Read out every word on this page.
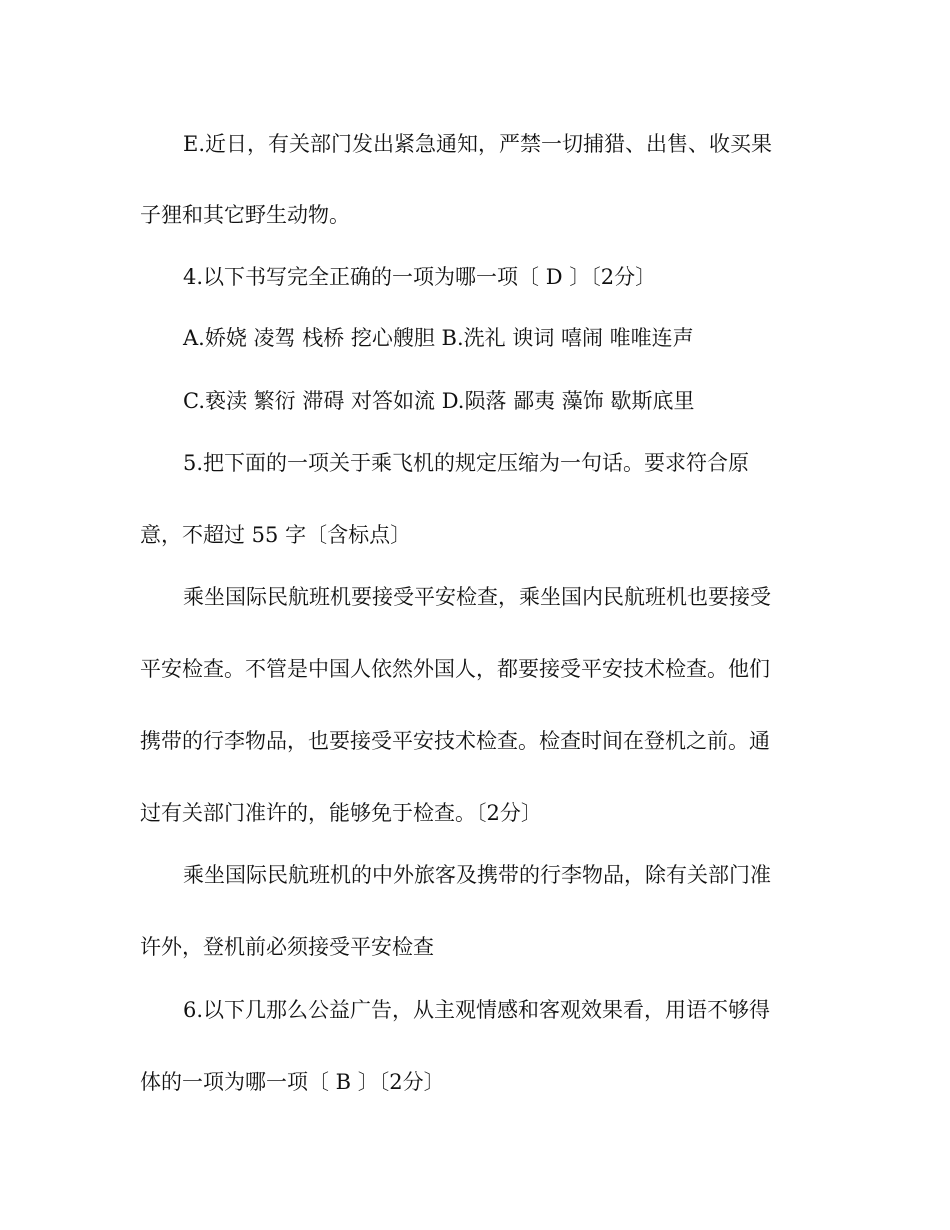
E.近日，有关部门发出紧急通知，严禁一切捕猎、出售、收买果
子狸和其它野生动物。
4.以下书写完全正确的一项为哪一项〔 D 〕〔2分〕
A.娇娆 凌驾 栈桥 挖心艘胆 B.洗礼 谀词 嘻闹 唯唯连声
C.亵渎 繁衍 滞碍 对答如流 D.陨落 鄙夷 藻饰 歇斯底里
5.把下面的一项关于乘飞机的规定压缩为一句话。要求符合原
意，不超过 55 字〔含标点〕
乘坐国际民航班机要接受平安检查，乘坐国内民航班机也要接受
平安检查。不管是中国人依然外国人，都要接受平安技术检查。他们
携带的行李物品，也要接受平安技术检查。检查时间在登机之前。通
过有关部门准许的，能够免于检查。〔2分〕
乘坐国际民航班机的中外旅客及携带的行李物品，除有关部门准
许外，登机前必须接受平安检查
6.以下几那么公益广告，从主观情感和客观效果看，用语不够得
体的一项为哪一项〔 B 〕〔2分〕
